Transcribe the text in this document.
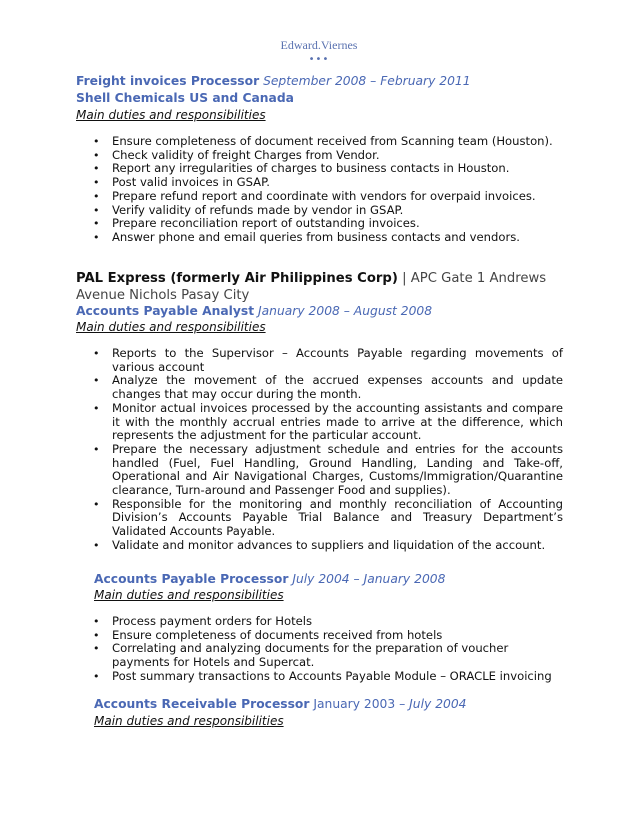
Edward.Viernes
•••
Freight invoices Processor September 2008 – February 2011
Shell Chemicals US and Canada
Main duties and responsibilities
• Ensure completeness of document received from Scanning team (Houston).
• Check validity of freight Charges from Vendor.
• Report any irregularities of charges to business contacts in Houston.
• Post valid invoices in GSAP.
• Prepare refund report and coordinate with vendors for overpaid invoices.
• Verify validity of refunds made by vendor in GSAP.
• Prepare reconciliation report of outstanding invoices.
• Answer phone and email queries from business contacts and vendors.
PAL Express (formerly Air Philippines Corp) | APC Gate 1 Andrews
Avenue Nichols Pasay City
Accounts Payable Analyst January 2008 – August 2008
Main duties and responsibilities
• Reports to the Supervisor – Accounts Payable regarding movements of various account
• Analyze the movement of the accrued expenses accounts and update changes that may occur during the month.
• Monitor actual invoices processed by the accounting assistants and compare it with the monthly accrual entries made to arrive at the difference, which represents the adjustment for the particular account.
• Prepare the necessary adjustment schedule and entries for the accounts handled (Fuel, Fuel Handling, Ground Handling, Landing and Take-off, Operational and Air Navigational Charges, Customs/Immigration/Quarantine clearance, Turn-around and Passenger Food and supplies).
• Responsible for the monitoring and monthly reconciliation of Accounting Division’s Accounts Payable Trial Balance and Treasury Department’s Validated Accounts Payable.
• Validate and monitor advances to suppliers and liquidation of the account.
Accounts Payable Processor July 2004 – January 2008
Main duties and responsibilities
• Process payment orders for Hotels
• Ensure completeness of documents received from hotels
• Correlating and analyzing documents for the preparation of voucher payments for Hotels and Supercat.
• Post summary transactions to Accounts Payable Module – ORACLE invoicing
Accounts Receivable Processor January 2003 – July 2004
Main duties and responsibilities
